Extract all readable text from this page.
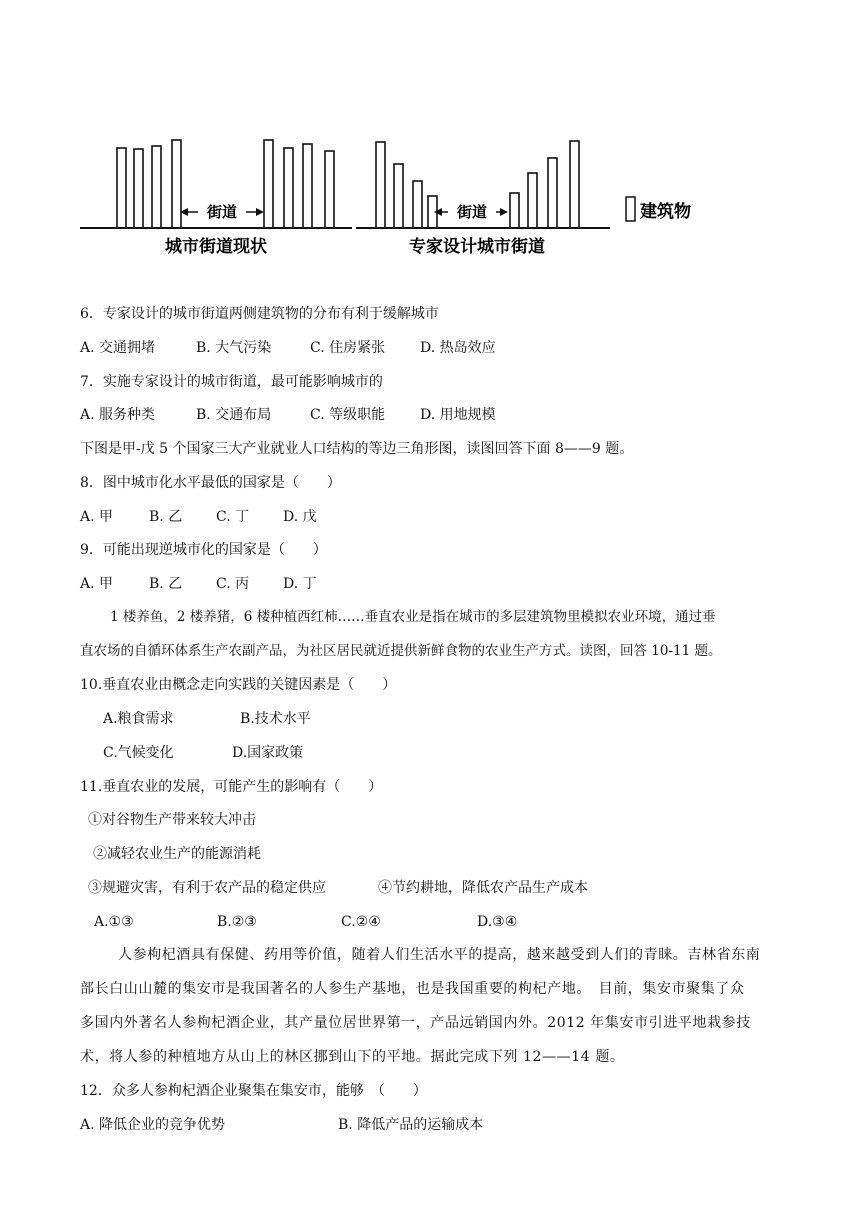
街道	街道
城市街道现状	专家设计城市街道
建筑物
6．专家设计的城市街道两侧建筑物的分布有利于缓解城市
A. 交通拥堵	B. 大气污染	C. 住房紧张 D. 热岛效应
7．实施专家设计的城市街道，最可能影响城市的
A. 服务种类	B. 交通布局	C. 等级职能 D. 用地规模
下图是甲-戊 5 个国家三大产业就业人口结构的等边三角形图，读图回答下面 8——9 题。
8．图中城市化水平最低的国家是（　　）
A. 甲	B. 乙 C. 丁 D. 戊
9．可能出现逆城市化的国家是（　　）
A. 甲	B. 乙 C. 丙 D. 丁
1 楼养鱼，2 楼养猪，6 楼种植西红柿……垂直农业是指在城市的多层建筑物里模拟农业环境，通过垂
直农场的自循环体系生产农副产品，为社区居民就近提供新鲜食物的农业生产方式。读图，回答 10-11 题。
10.垂直农业由概念走向实践的关键因素是（　　）
A.粮食需求	B.技术水平
C.气候变化	D.国家政策
11.垂直农业的发展，可能产生的影响有（　　）
①对谷物生产带来较大冲击
②减轻农业生产的能源消耗
③规避灾害，有利于农产品的稳定供应	④节约耕地，降低农产品生产成本
A.①③	B.②③	C.②④	D.③④
人参枸杞酒具有保健、药用等价值，随着人们生活水平的提高，越来越受到人们的青睐。吉林省东南
部长白山山麓的集安市是我国著名的人参生产基地，也是我国重要的枸杞产地。　目前，集安市聚集了众
多国内外著名人参枸杞酒企业，其产量位居世界第一，产品远销国内外。2012 年集安市引进平地栽参技
术，将人参的种植地方从山上的林区挪到山下的平地。据此完成下列 12——14 题。
12．众多人参枸杞酒企业聚集在集安市，能够　（　　）
A. 降低企业的竞争优势	B. 降低产品的运输成本
